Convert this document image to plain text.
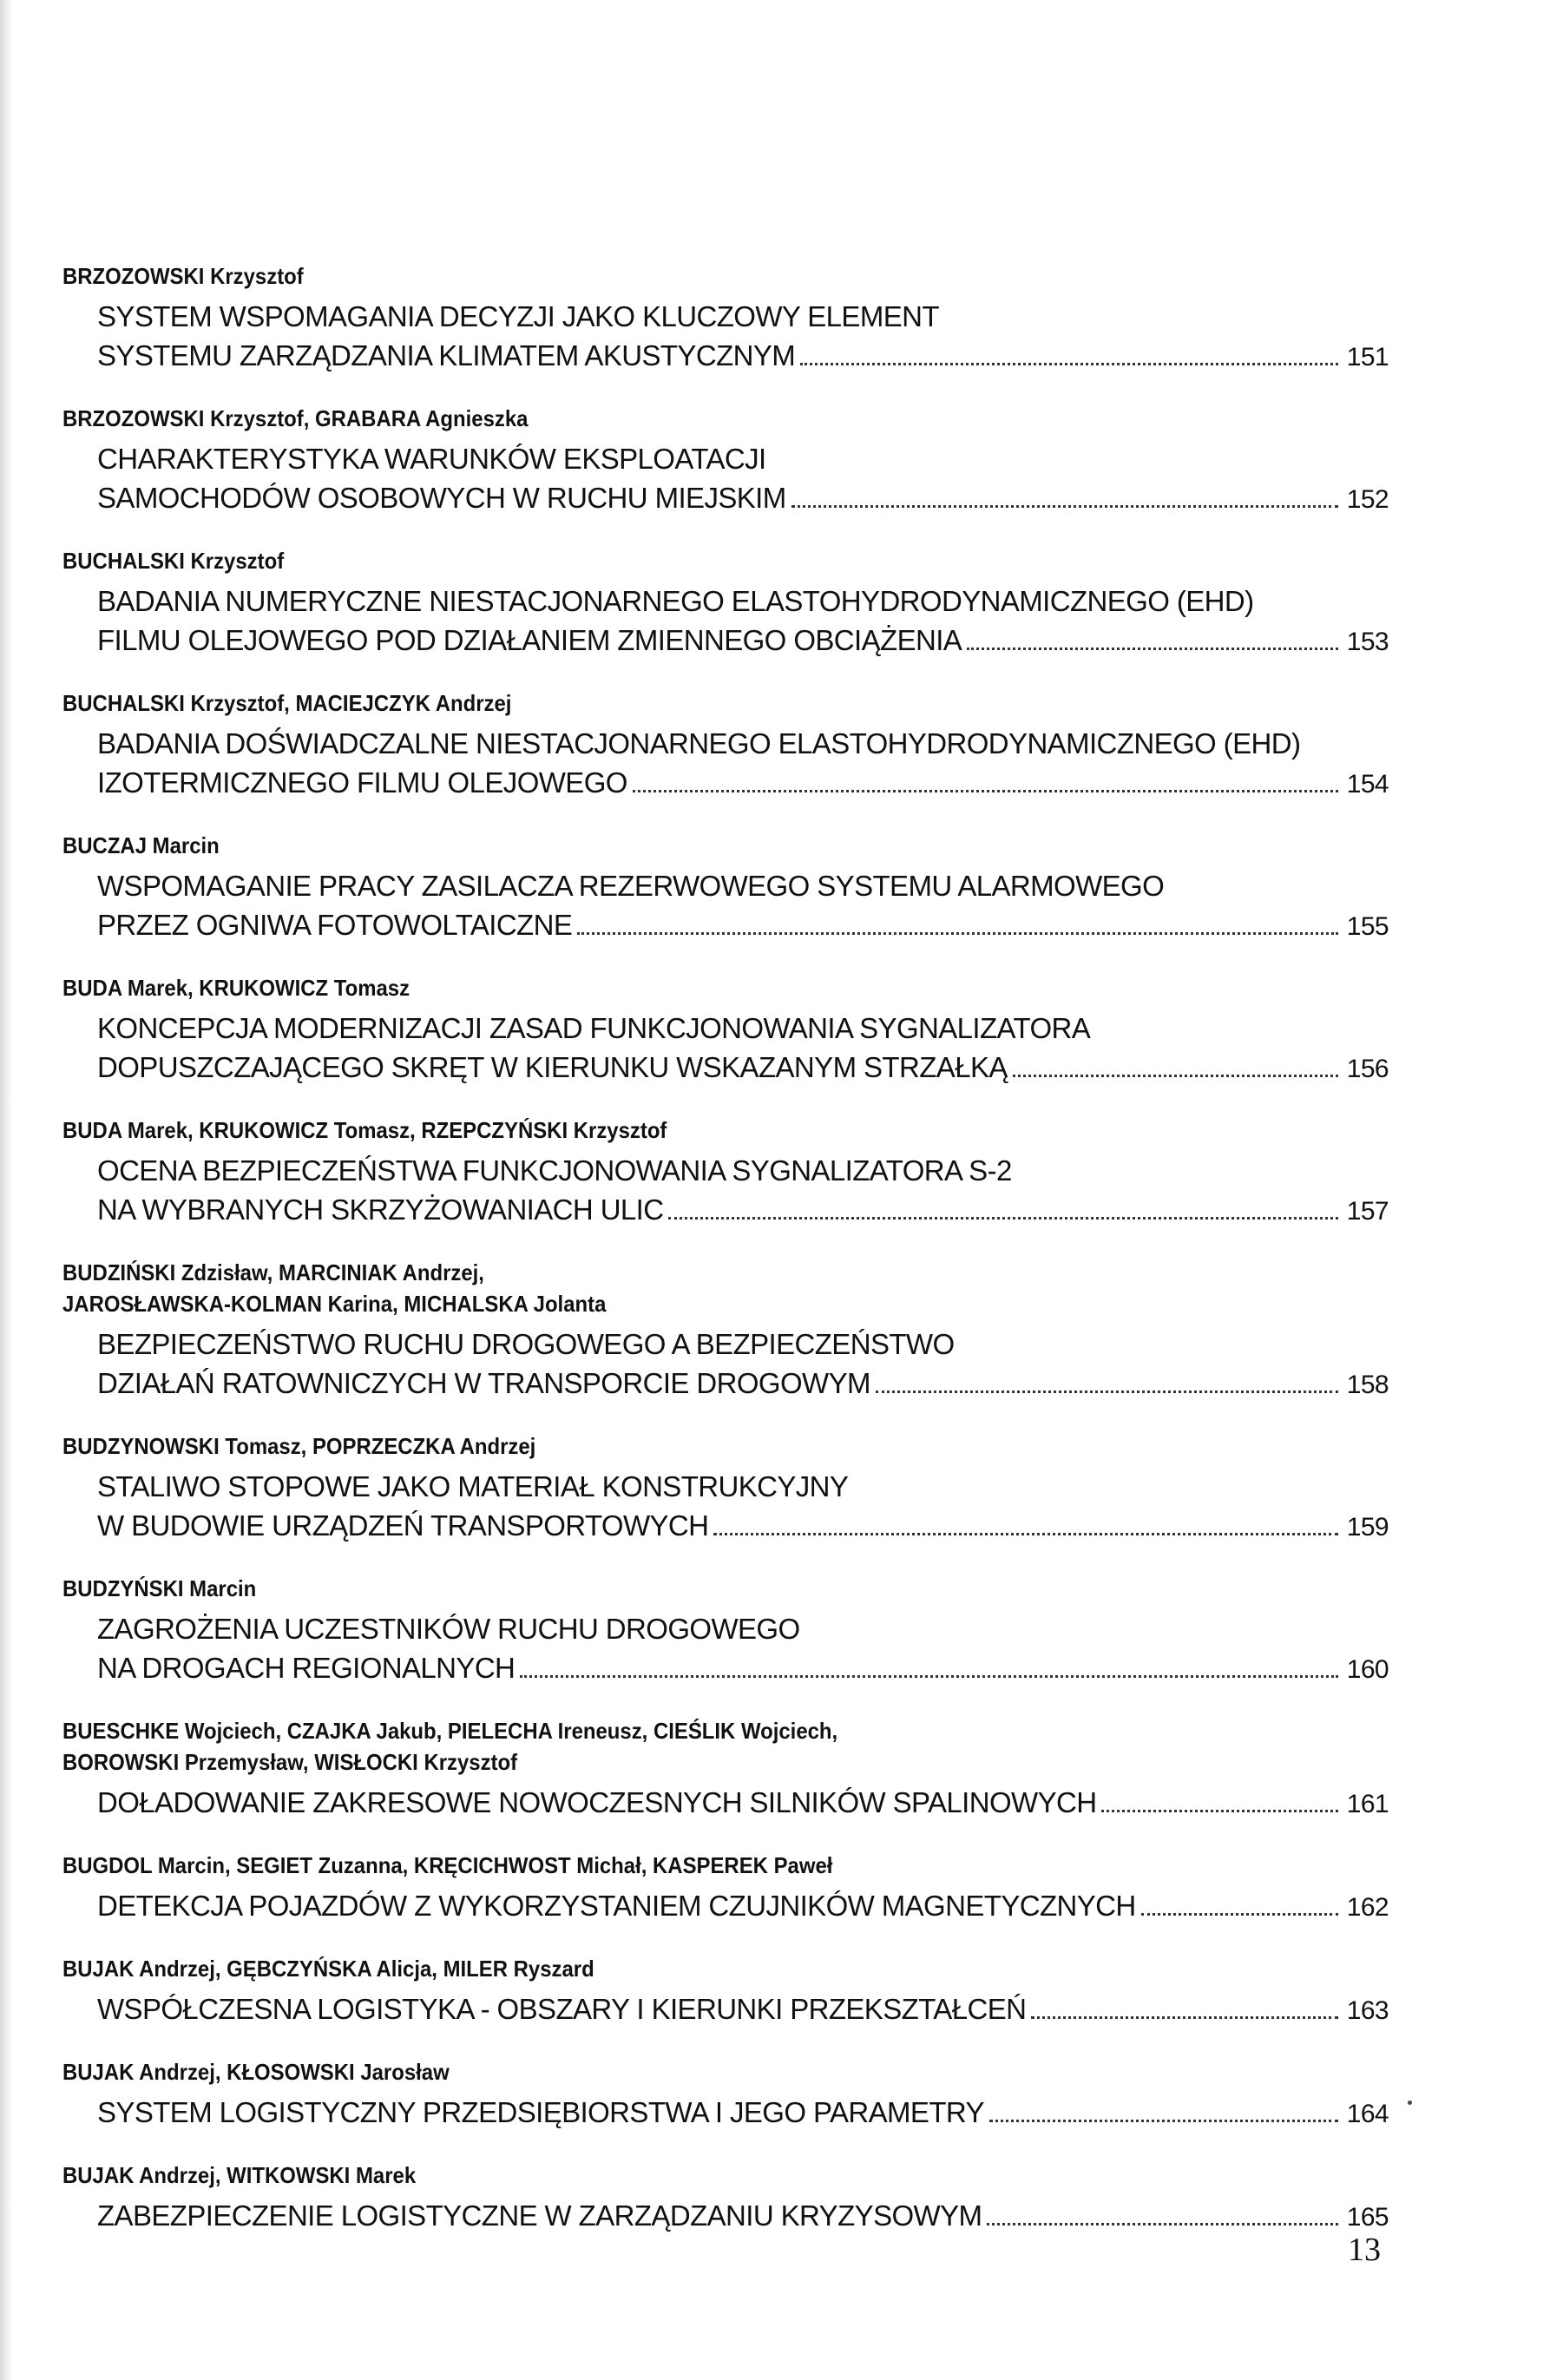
BRZOZOWSKI Krzysztof
SYSTEM WSPOMAGANIA DECYZJI JAKO KLUCZOWY ELEMENT
SYSTEMU ZARZĄDZANIA KLIMATEM AKUSTYCZNYM	151
BRZOZOWSKI Krzysztof, GRABARA Agnieszka
CHARAKTERYSTYKA WARUNKÓW EKSPLOATACJI
SAMOCHODÓW OSOBOWYCH W RUCHU MIEJSKIM	152
BUCHALSKI Krzysztof
BADANIA NUMERYCZNE NIESTACJONARNEGO ELASTOHYDRODYNAMICZNEGO (EHD)
FILMU OLEJOWEGO POD DZIAŁANIEM ZMIENNEGO OBCIĄŻENIA	153
BUCHALSKI Krzysztof, MACIEJCZYK Andrzej
BADANIA DOŚWIADCZALNE NIESTACJONARNEGO ELASTOHYDRODYNAMICZNEGO (EHD)
IZOTERMICZNEGO FILMU OLEJOWEGO	154
BUCZAJ Marcin
WSPOMAGANIE PRACY ZASILACZA REZERWOWEGO SYSTEMU ALARMOWEGO
PRZEZ OGNIWA FOTOWOLTAICZNE	155
BUDA Marek, KRUKOWICZ Tomasz
KONCEPCJA MODERNIZACJI ZASAD FUNKCJONOWANIA SYGNALIZATORA
DOPUSZCZAJĄCEGO SKRĘT W KIERUNKU WSKAZANYM STRZAŁKĄ	156
BUDA Marek, KRUKOWICZ Tomasz, RZEPCZYŃSKI Krzysztof
OCENA BEZPIECZEŃSTWA FUNKCJONOWANIA SYGNALIZATORA S-2
NA WYBRANYCH SKRZYŻOWANIACH ULIC	157
BUDZIŃSKI Zdzisław, MARCINIAK Andrzej,
JAROSŁAWSKA-KOLMAN Karina, MICHALSKA Jolanta
BEZPIECZEŃSTWO RUCHU DROGOWEGO A BEZPIECZEŃSTWO
DZIAŁAŃ RATOWNICZYCH W TRANSPORCIE DROGOWYM	158
BUDZYNOWSKI Tomasz, POPRZECZKA Andrzej
STALIWO STOPOWE JAKO MATERIAŁ KONSTRUKCYJNY
W BUDOWIE URZĄDZEŃ TRANSPORTOWYCH	159
BUDZYŃSKI Marcin
ZAGROŻENIA UCZESTNIKÓW RUCHU DROGOWEGO
NA DROGACH REGIONALNYCH	160
BUESCHKE Wojciech, CZAJKA Jakub, PIELECHA Ireneusz, CIEŚLIK Wojciech,
BOROWSKI Przemysław, WISŁOCKI Krzysztof
DOŁADOWANIE ZAKRESOWE NOWOCZESNYCH SILNIKÓW SPALINOWYCH	161
BUGDOL Marcin, SEGIET Zuzanna, KRĘCICHWOST Michał, KASPEREK Paweł
DETEKCJA POJAZDÓW Z WYKORZYSTANIEM CZUJNIKÓW MAGNETYCZNYCH	162
BUJAK Andrzej, GĘBCZYŃSKA Alicja, MILER Ryszard
WSPÓŁCZESNA LOGISTYKA - OBSZARY I KIERUNKI PRZEKSZTAŁCEŃ	163
BUJAK Andrzej, KŁOSOWSKI Jarosław
SYSTEM LOGISTYCZNY PRZEDSIĘBIORSTWA I JEGO PARAMETRY	164
BUJAK Andrzej, WITKOWSKI Marek
ZABEZPIECZENIE LOGISTYCZNE W ZARZĄDZANIU KRYZYSOWYM	165
13
